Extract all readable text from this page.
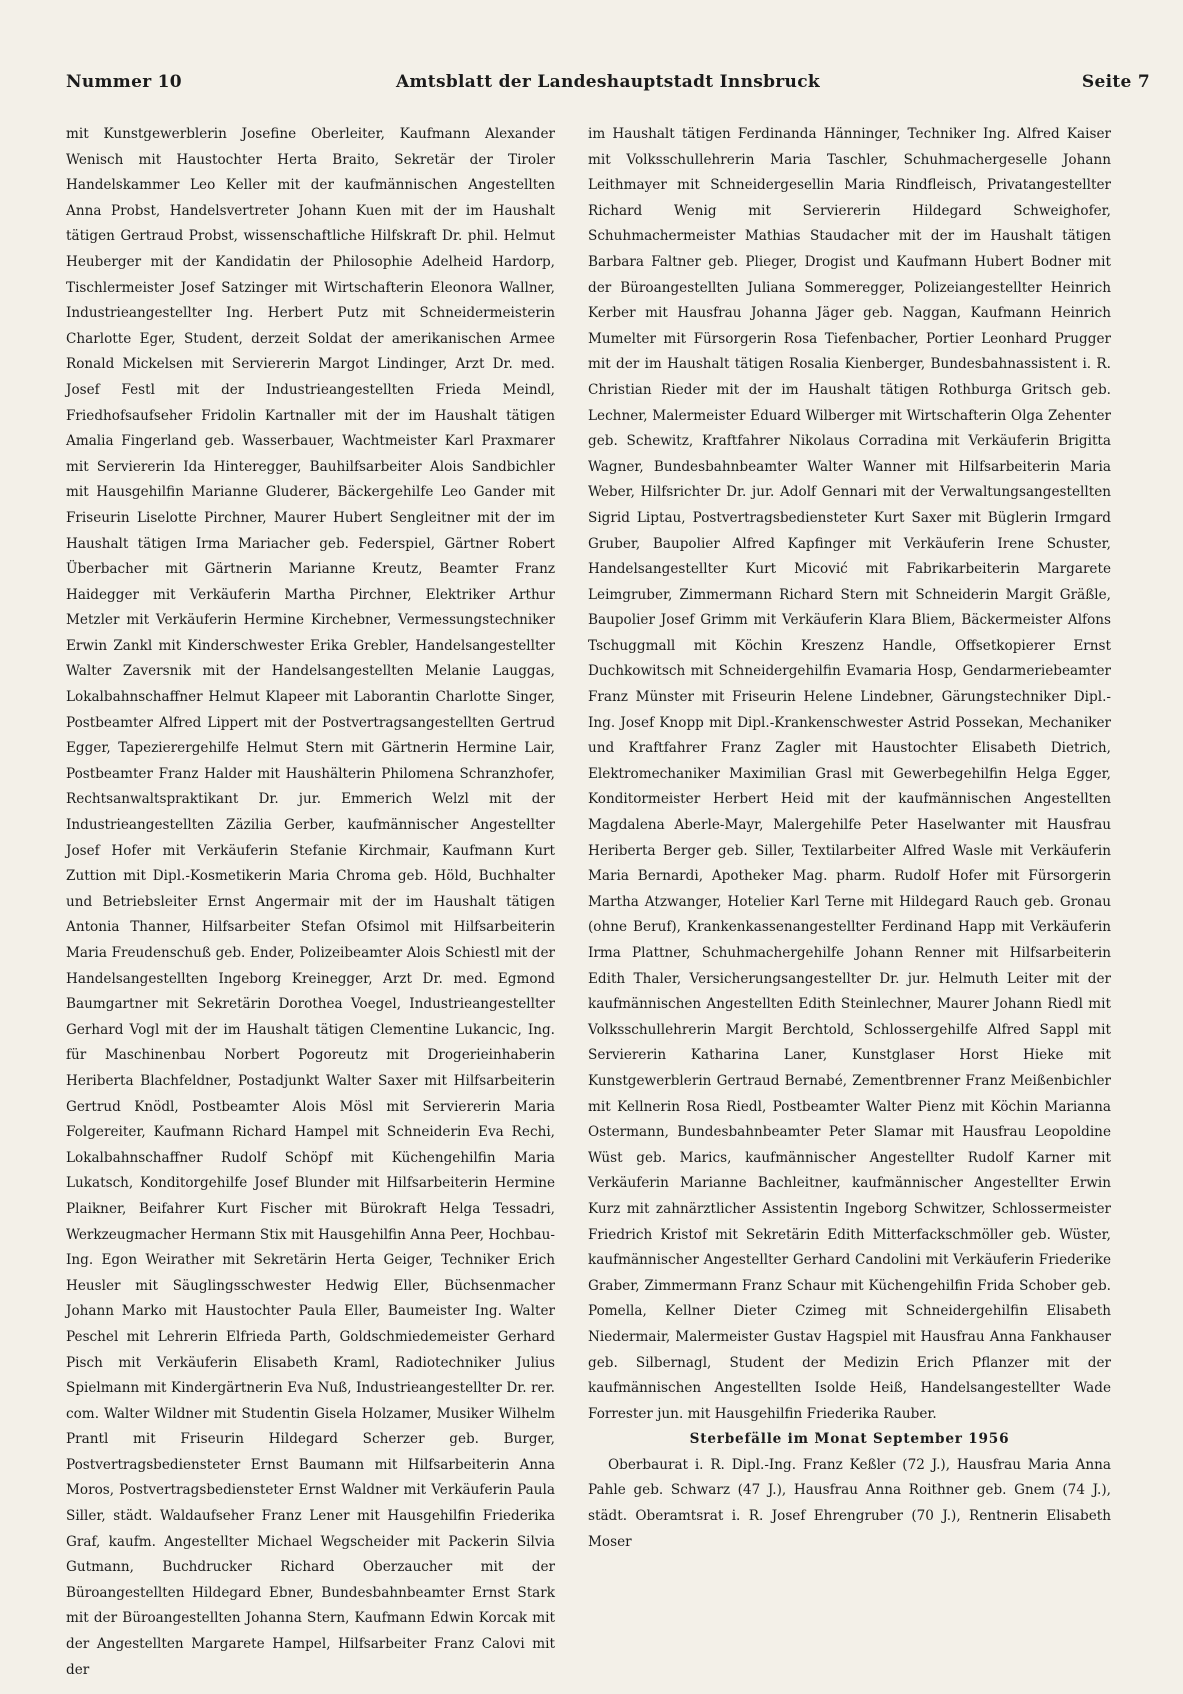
Nummer 10	Amtsblatt der Landeshauptstadt Innsbruck	Seite 7

mit Kunstgewerblerin Josefine Oberleiter, Kaufmann Alexander Wenisch mit Haustochter Herta Braito, Sekretär der Tiroler Handelskammer Leo Keller mit der kaufmännischen Angestellten Anna Probst, Handelsvertreter Johann Kuen mit der im Haushalt tätigen Gertraud Probst, wissenschaftliche Hilfskraft Dr. phil. Helmut Heuberger mit der Kandidatin der Philosophie Adelheid Hardorp, Tischlermeister Josef Satzinger mit Wirtschafterin Eleonora Wallner, Industrieangestellter Ing. Herbert Putz mit Schneidermeisterin Charlotte Eger, Student, derzeit Soldat der amerikanischen Armee Ronald Mickelsen mit Serviererin Margot Lindinger, Arzt Dr. med. Josef Festl mit der Industrieangestellten Frieda Meindl, Friedhofsaufseher Fridolin Kartnaller mit der im Haushalt tätigen Amalia Fingerland geb. Wasserbauer, Wachtmeister Karl Praxmarer mit Serviererin Ida Hinteregger, Bauhilfsarbeiter Alois Sandbichler mit Hausgehilfin Marianne Gluderer, Bäckergehilfe Leo Gander mit Friseurin Liselotte Pirchner, Maurer Hubert Sengleitner mit der im Haushalt tätigen Irma Mariacher geb. Federspiel, Gärtner Robert Überbacher mit Gärtnerin Marianne Kreutz, Beamter Franz Haidegger mit Verkäuferin Martha Pirchner, Elektriker Arthur Metzler mit Verkäuferin Hermine Kirchebner, Vermessungstechniker Erwin Zankl mit Kinderschwester Erika Grebler, Handelsangestellter Walter Zaversnik mit der Handelsangestellten Melanie Lauggas, Lokalbahnschaffner Helmut Klapeer mit Laborantin Charlotte Singer, Postbeamter Alfred Lippert mit der Postvertragsangestellten Gertrud Egger, Tapezierergehilfe Helmut Stern mit Gärtnerin Hermine Lair, Postbeamter Franz Halder mit Haushälterin Philomena Schranzhofer, Rechtsanwaltspraktikant Dr. jur. Emmerich Welzl mit der Industrieangestellten Zäzilia Gerber, kaufmännischer Angestellter Josef Hofer mit Verkäuferin Stefanie Kirchmair, Kaufmann Kurt Zuttion mit Dipl.-Kosmetikerin Maria Chroma geb. Höld, Buchhalter und Betriebsleiter Ernst Angermair mit der im Haushalt tätigen Antonia Thanner, Hilfsarbeiter Stefan Ofsimol mit Hilfsarbeiterin Maria Freudenschuß geb. Ender, Polizeibeamter Alois Schiestl mit der Handelsangestellten Ingeborg Kreinegger, Arzt Dr. med. Egmond Baumgartner mit Sekretärin Dorothea Voegel, Industrieangestellter Gerhard Vogl mit der im Haushalt tätigen Clementine Lukancic, Ing. für Maschinenbau Norbert Pogoreutz mit Drogerieinhaberin Heriberta Blachfeldner, Postadjunkt Walter Saxer mit Hilfsarbeiterin Gertrud Knödl, Postbeamter Alois Mösl mit Serviererin Maria Folgereiter, Kaufmann Richard Hampel mit Schneiderin Eva Rechi, Lokalbahnschaffner Rudolf Schöpf mit Küchengehilfin Maria Lukatsch, Konditorgehilfe Josef Blunder mit Hilfsarbeiterin Hermine Plaikner, Beifahrer Kurt Fischer mit Bürokraft Helga Tessadri, Werkzeugmacher Hermann Stix mit Hausgehilfin Anna Peer, Hochbau-Ing. Egon Weirather mit Sekretärin Herta Geiger, Techniker Erich Heusler mit Säuglingsschwester Hedwig Eller, Büchsenmacher Johann Marko mit Haustochter Paula Eller, Baumeister Ing. Walter Peschel mit Lehrerin Elfrieda Parth, Goldschmiedemeister Gerhard Pisch mit Verkäuferin Elisabeth Kraml, Radiotechniker Julius Spielmann mit Kindergärtnerin Eva Nuß, Industrieangestellter Dr. rer. com. Walter Wildner mit Studentin Gisela Holzamer, Musiker Wilhelm Prantl mit Friseurin Hildegard Scherzer geb. Burger, Postvertragsbediensteter Ernst Baumann mit Hilfsarbeiterin Anna Moros, Postvertragsbediensteter Ernst Waldner mit Verkäuferin Paula Siller, städt. Waldaufseher Franz Lener mit Hausgehilfin Friederika Graf, kaufm. Angestellter Michael Wegscheider mit Packerin Silvia Gutmann, Buchdrucker Richard Oberzaucher mit der Büroangestellten Hildegard Ebner, Bundesbahnbeamter Ernst Stark mit der Büroangestellten Johanna Stern, Kaufmann Edwin Korcak mit der Angestellten Margarete Hampel, Hilfsarbeiter Franz Calovi mit der

im Haushalt tätigen Ferdinanda Hänninger, Techniker Ing. Alfred Kaiser mit Volksschullehrerin Maria Taschler, Schuhmachergeselle Johann Leithmayer mit Schneidergesellin Maria Rindfleisch, Privatangestellter Richard Wenig mit Serviererin Hildegard Schweighofer, Schuhmachermeister Mathias Staudacher mit der im Haushalt tätigen Barbara Faltner geb. Plieger, Drogist und Kaufmann Hubert Bodner mit der Büroangestellten Juliana Sommeregger, Polizeiangestellter Heinrich Kerber mit Hausfrau Johanna Jäger geb. Naggan, Kaufmann Heinrich Mumelter mit Fürsorgerin Rosa Tiefenbacher, Portier Leonhard Prugger mit der im Haushalt tätigen Rosalia Kienberger, Bundesbahnassistent i. R. Christian Rieder mit der im Haushalt tätigen Rothburga Gritsch geb. Lechner, Malermeister Eduard Wilberger mit Wirtschafterin Olga Zehenter geb. Schewitz, Kraftfahrer Nikolaus Corradina mit Verkäuferin Brigitta Wagner, Bundesbahnbeamter Walter Wanner mit Hilfsarbeiterin Maria Weber, Hilfsrichter Dr. jur. Adolf Gennari mit der Verwaltungsangestellten Sigrid Liptau, Postvertragsbediensteter Kurt Saxer mit Büglerin Irmgard Gruber, Baupolier Alfred Kapfinger mit Verkäuferin Irene Schuster, Handelsangestellter Kurt Micović mit Fabrikarbeiterin Margarete Leimgruber, Zimmermann Richard Stern mit Schneiderin Margit Gräßle, Baupolier Josef Grimm mit Verkäuferin Klara Bliem, Bäckermeister Alfons Tschuggmall mit Köchin Kreszenz Handle, Offsetkopierer Ernst Duchkowitsch mit Schneidergehilfin Evamaria Hosp, Gendarmeriebeamter Franz Münster mit Friseurin Helene Lindebner, Gärungstechniker Dipl.-Ing. Josef Knopp mit Dipl.-Krankenschwester Astrid Possekan, Mechaniker und Kraftfahrer Franz Zagler mit Haustochter Elisabeth Dietrich, Elektromechaniker Maximilian Grasl mit Gewerbegehilfin Helga Egger, Konditormeister Herbert Heid mit der kaufmännischen Angestellten Magdalena Aberle-Mayr, Malergehilfe Peter Haselwanter mit Hausfrau Heriberta Berger geb. Siller, Textilarbeiter Alfred Wasle mit Verkäuferin Maria Bernardi, Apotheker Mag. pharm. Rudolf Hofer mit Fürsorgerin Martha Atzwanger, Hotelier Karl Terne mit Hildegard Rauch geb. Gronau (ohne Beruf), Krankenkassenangestellter Ferdinand Happ mit Verkäuferin Irma Plattner, Schuhmachergehilfe Johann Renner mit Hilfsarbeiterin Edith Thaler, Versicherungsangestellter Dr. jur. Helmuth Leiter mit der kaufmännischen Angestellten Edith Steinlechner, Maurer Johann Riedl mit Volksschullehrerin Margit Berchtold, Schlossergehilfe Alfred Sappl mit Serviererin Katharina Laner, Kunstglaser Horst Hieke mit Kunstgewerblerin Gertraud Bernabé, Zementbrenner Franz Meißenbichler mit Kellnerin Rosa Riedl, Postbeamter Walter Pienz mit Köchin Marianna Ostermann, Bundesbahnbeamter Peter Slamar mit Hausfrau Leopoldine Wüst geb. Marics, kaufmännischer Angestellter Rudolf Karner mit Verkäuferin Marianne Bachleitner, kaufmännischer Angestellter Erwin Kurz mit zahnärztlicher Assistentin Ingeborg Schwitzer, Schlossermeister Friedrich Kristof mit Sekretärin Edith Mitterfackschmöller geb. Wüster, kaufmännischer Angestellter Gerhard Candolini mit Verkäuferin Friederike Graber, Zimmermann Franz Schaur mit Küchengehilfin Frida Schober geb. Pomella, Kellner Dieter Czimeg mit Schneidergehilfin Elisabeth Niedermair, Malermeister Gustav Hagspiel mit Hausfrau Anna Fankhauser geb. Silbernagl, Student der Medizin Erich Pflanzer mit der kaufmännischen Angestellten Isolde Heiß, Handelsangestellter Wade Forrester jun. mit Hausgehilfin Friederika Rauber.

Sterbefälle im Monat September 1956

Oberbaurat i. R. Dipl.-Ing. Franz Keßler (72 J.), Hausfrau Maria Anna Pahle geb. Schwarz (47 J.), Hausfrau Anna Roithner geb. Gnem (74 J.), städt. Oberamtsrat i. R. Josef Ehrengruber (70 J.), Rentnerin Elisabeth Moser
